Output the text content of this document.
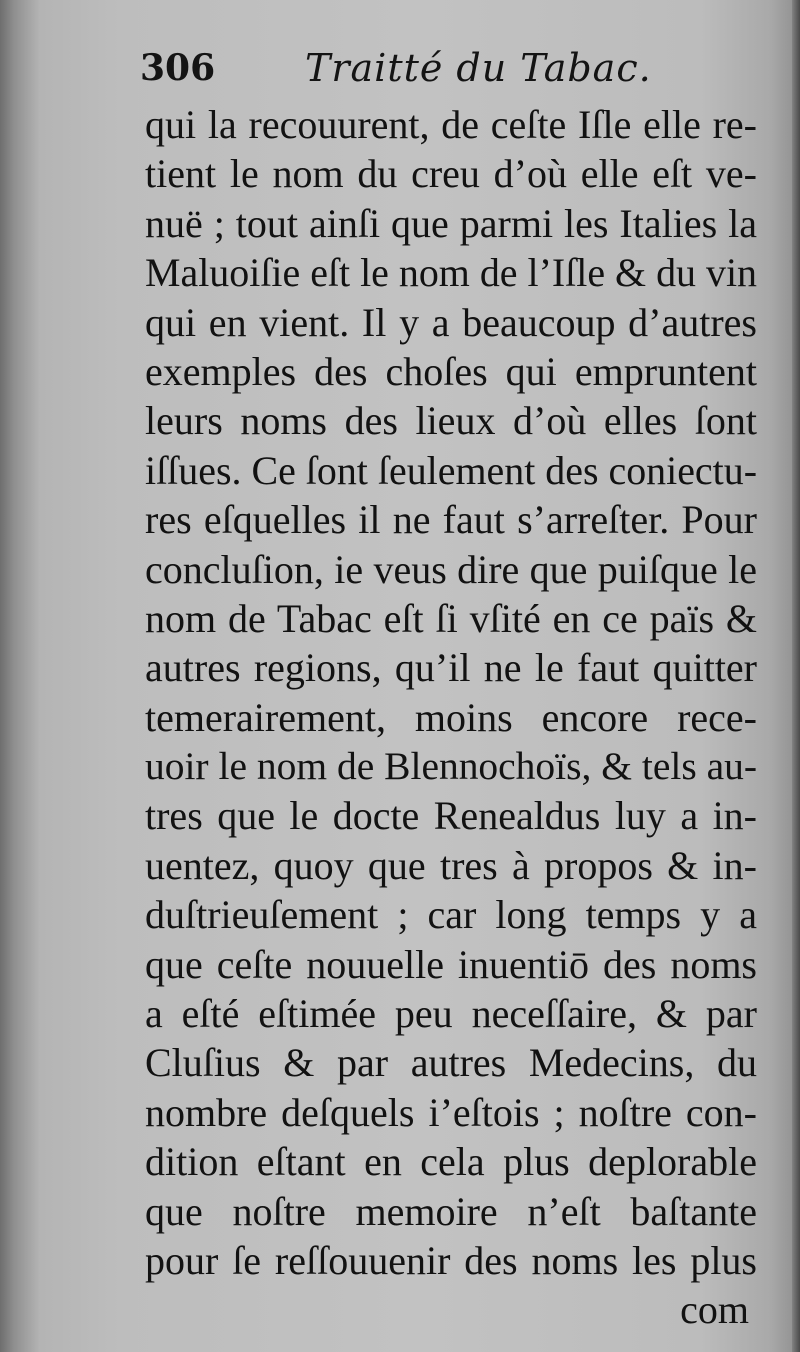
306 Traitté du Tabac.
qui la recouurent, de ceſte Iſle elle re-
tient le nom du creu d’où elle eſt ve-
nuë ; tout ainſi que parmi les Italies la
Maluoiſie eſt le nom de l’Iſle & du vin
qui en vient. Il y a beaucoup d’autres
exemples des choſes qui empruntent
leurs noms des lieux d’où elles ſont
iſſues. Ce ſont ſeulement des coniectu-
res eſquelles il ne faut s’arreſter. Pour
concluſion, ie veus dire que puiſque le
nom de Tabac eſt ſi vſité en ce païs &
autres regions, qu’il ne le faut quitter
temerairement, moins encore rece-
uoir le nom de Blennochoïs, & tels au-
tres que le docte Renealdus luy a in-
uentez, quoy que tres à propos & in-
duſtrieuſement ; car long temps y a
que ceſte nouuelle inuentiō des noms
a eſté eſtimée peu neceſſaire, & par
Cluſius & par autres Medecins, du
nombre deſquels i’eſtois ; noſtre con-
dition eſtant en cela plus deplorable
que noſtre memoire n’eſt baſtante
pour ſe reſſouuenir des noms les plus
com
